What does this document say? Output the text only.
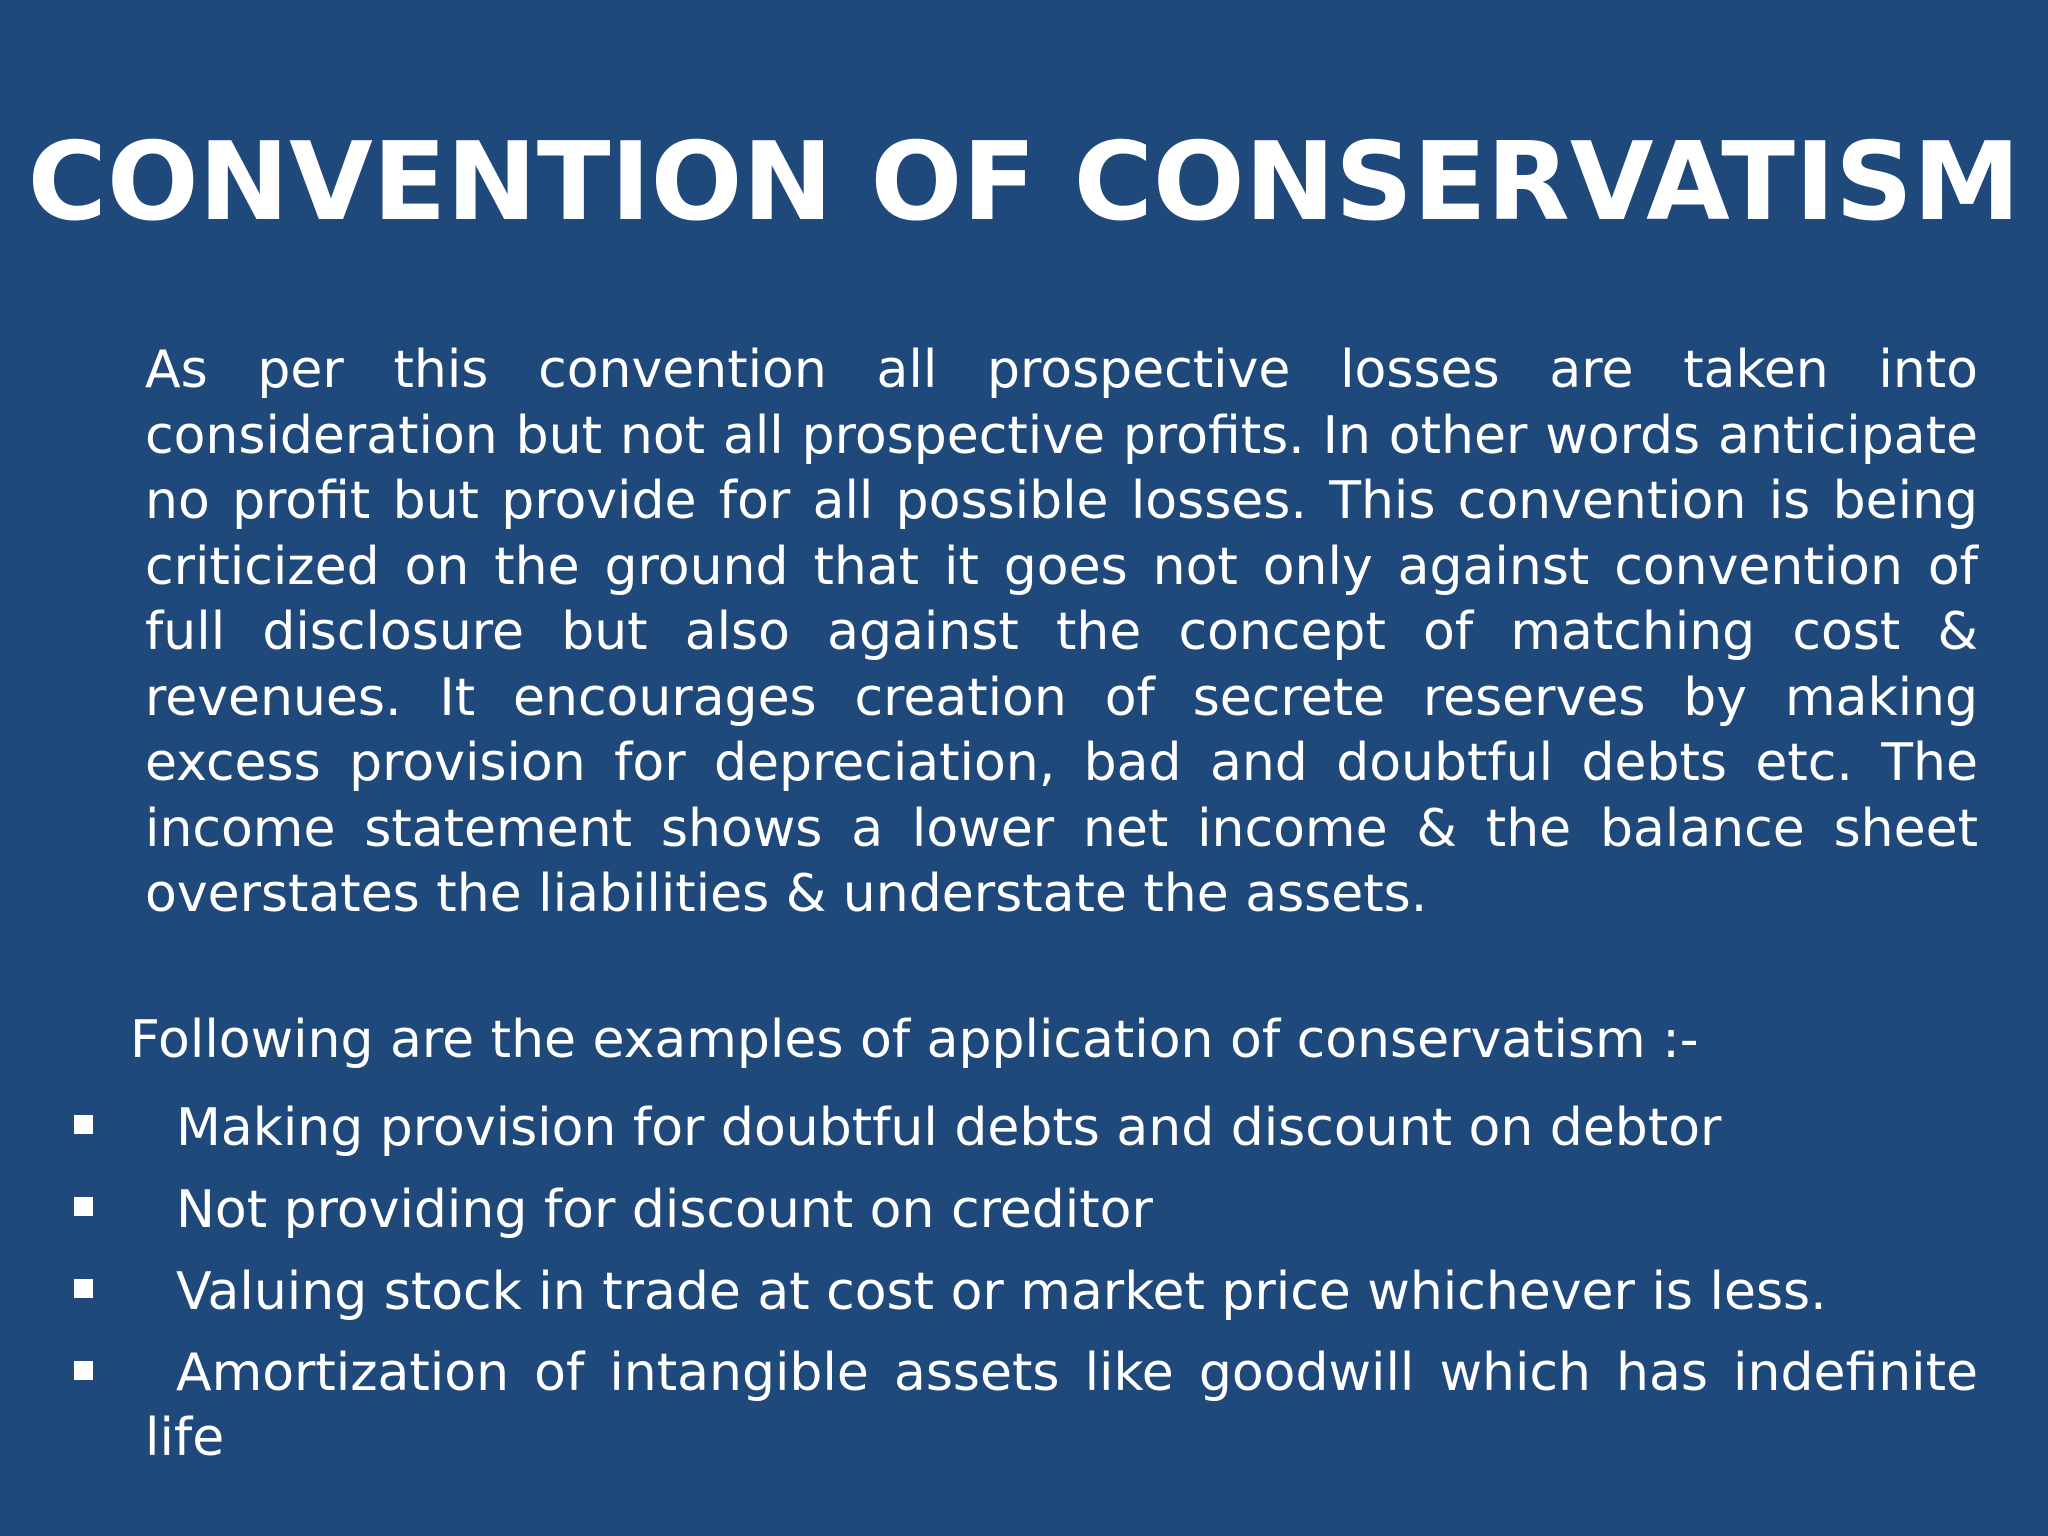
CONVENTION OF CONSERVATISM

As per this convention all prospective losses are taken into consideration but not all prospective profits. In other words anticipate no profit but provide for all possible losses. This convention is being criticized on the ground that it goes not only against convention of full disclosure but also against the concept of matching cost & revenues. It encourages creation of secrete reserves by making excess provision for depreciation, bad and doubtful debts etc. The income statement shows a lower net income & the balance sheet overstates the liabilities & understate the assets.

Following are the examples of application of conservatism :-

Making provision for doubtful debts and discount on debtor
Not providing for discount on creditor
Valuing stock in trade at cost or market price whichever is less.
Amortization of intangible assets like goodwill which has indefinite life
